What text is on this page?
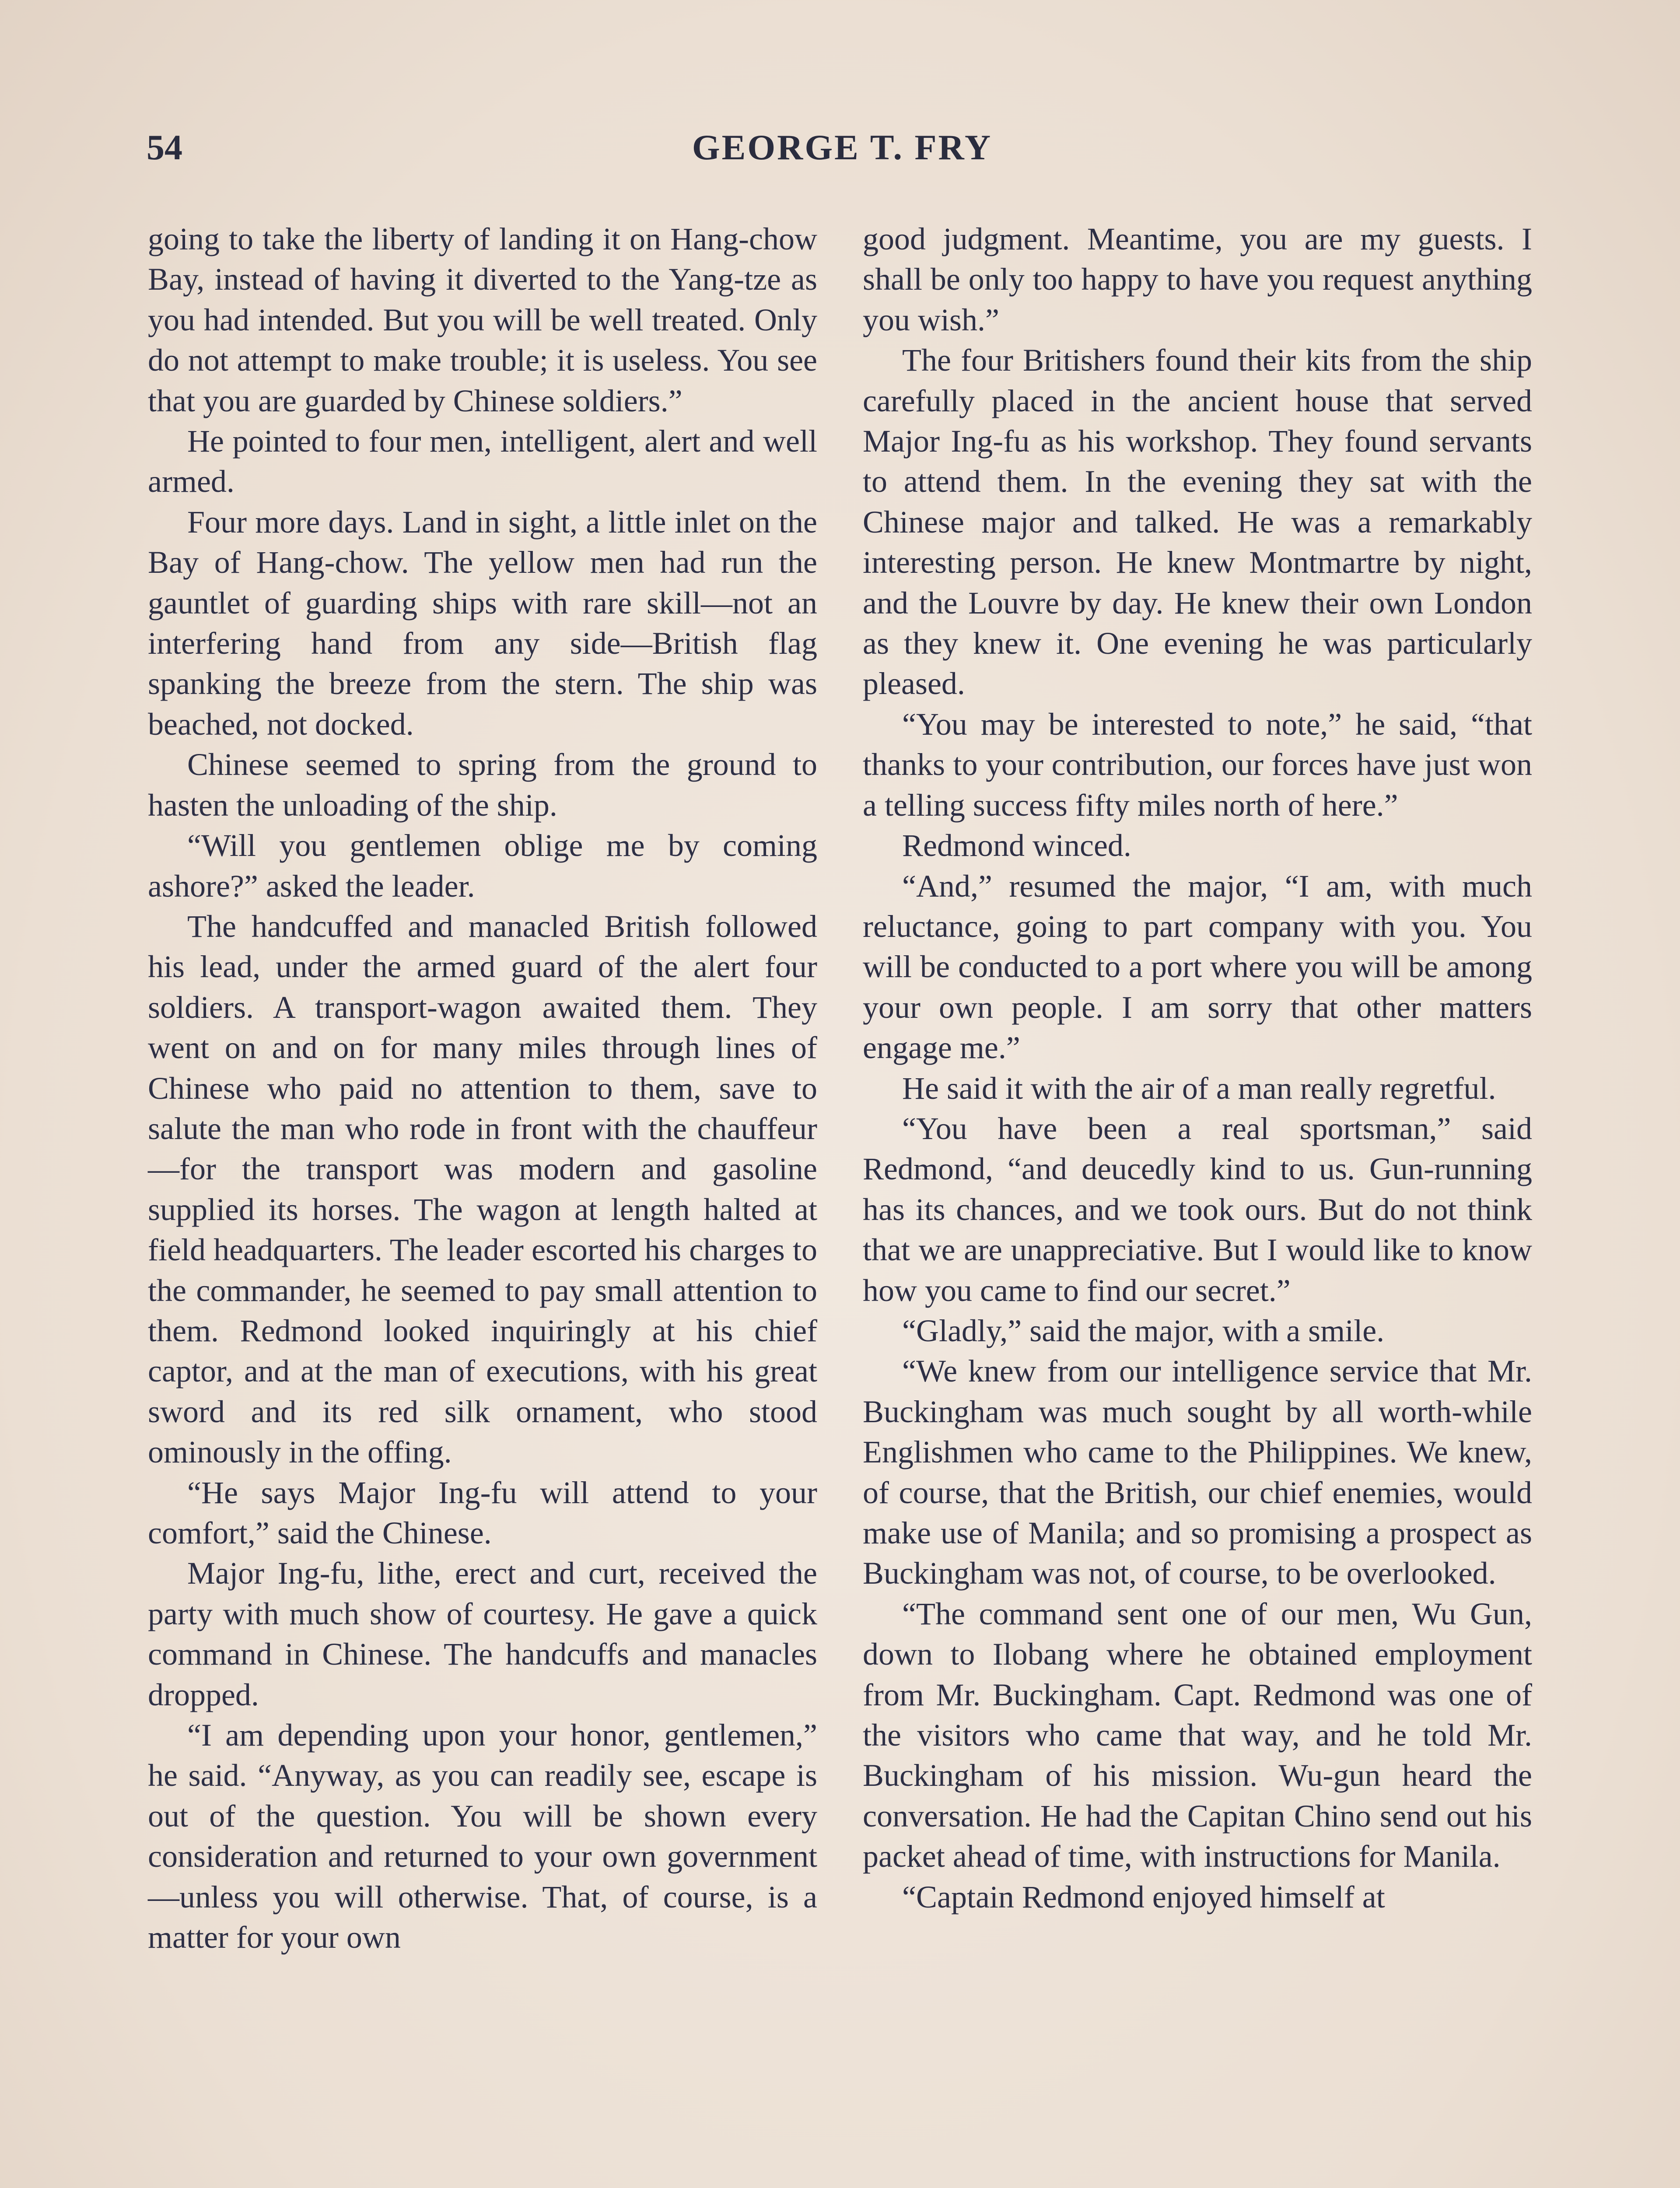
54	GEORGE T. FRY

going to take the liberty of landing it on Hang-chow Bay, instead of having it diverted to the Yang-tze as you had intended. But you will be well treated. Only do not attempt to make trouble; it is useless. You see that you are guarded by Chinese soldiers.”

He pointed to four men, intelligent, alert and well armed.

Four more days. Land in sight, a little inlet on the Bay of Hang-chow. The yellow men had run the gauntlet of guarding ships with rare skill—not an interfering hand from any side—British flag spanking the breeze from the stern. The ship was beached, not docked.

Chinese seemed to spring from the ground to hasten the unloading of the ship.

“Will you gentlemen oblige me by coming ashore?” asked the leader.

The handcuffed and manacled British followed his lead, under the armed guard of the alert four soldiers. A transport-wagon awaited them. They went on and on for many miles through lines of Chinese who paid no attention to them, save to salute the man who rode in front with the chauffeur—for the transport was modern and gasoline supplied its horses. The wagon at length halted at field headquarters. The leader escorted his charges to the commander, he seemed to pay small attention to them. Redmond looked inquiringly at his chief captor, and at the man of executions, with his great sword and its red silk ornament, who stood ominously in the offing.

“He says Major Ing-fu will attend to your comfort,” said the Chinese.

Major Ing-fu, lithe, erect and curt, received the party with much show of courtesy. He gave a quick command in Chinese. The handcuffs and manacles dropped.

“I am depending upon your honor, gentlemen,” he said. “Anyway, as you can readily see, escape is out of the question. You will be shown every consideration and returned to your own government—unless you will otherwise. That, of course, is a matter for your own

good judgment. Meantime, you are my guests. I shall be only too happy to have you request anything you wish.”

The four Britishers found their kits from the ship carefully placed in the ancient house that served Major Ing-fu as his workshop. They found servants to attend them. In the evening they sat with the Chinese major and talked. He was a remarkably interesting person. He knew Montmartre by night, and the Louvre by day. He knew their own London as they knew it. One evening he was particularly pleased.

“You may be interested to note,” he said, “that thanks to your contribution, our forces have just won a telling success fifty miles north of here.”

Redmond winced.

“And,” resumed the major, “I am, with much reluctance, going to part company with you. You will be conducted to a port where you will be among your own people. I am sorry that other matters engage me.”

He said it with the air of a man really regretful.

“You have been a real sportsman,” said Redmond, “and deucedly kind to us. Gun-running has its chances, and we took ours. But do not think that we are unappreciative. But I would like to know how you came to find our secret.”

“Gladly,” said the major, with a smile.

“We knew from our intelligence service that Mr. Buckingham was much sought by all worth-while Englishmen who came to the Philippines. We knew, of course, that the British, our chief enemies, would make use of Manila; and so promising a prospect as Buckingham was not, of course, to be overlooked.

“The command sent one of our men, Wu Gun, down to Ilobang where he obtained employment from Mr. Buckingham. Capt. Redmond was one of the visitors who came that way, and he told Mr. Buckingham of his mission. Wu-gun heard the conversation. He had the Capitan Chino send out his packet ahead of time, with instructions for Manila.

“Captain Redmond enjoyed himself at
